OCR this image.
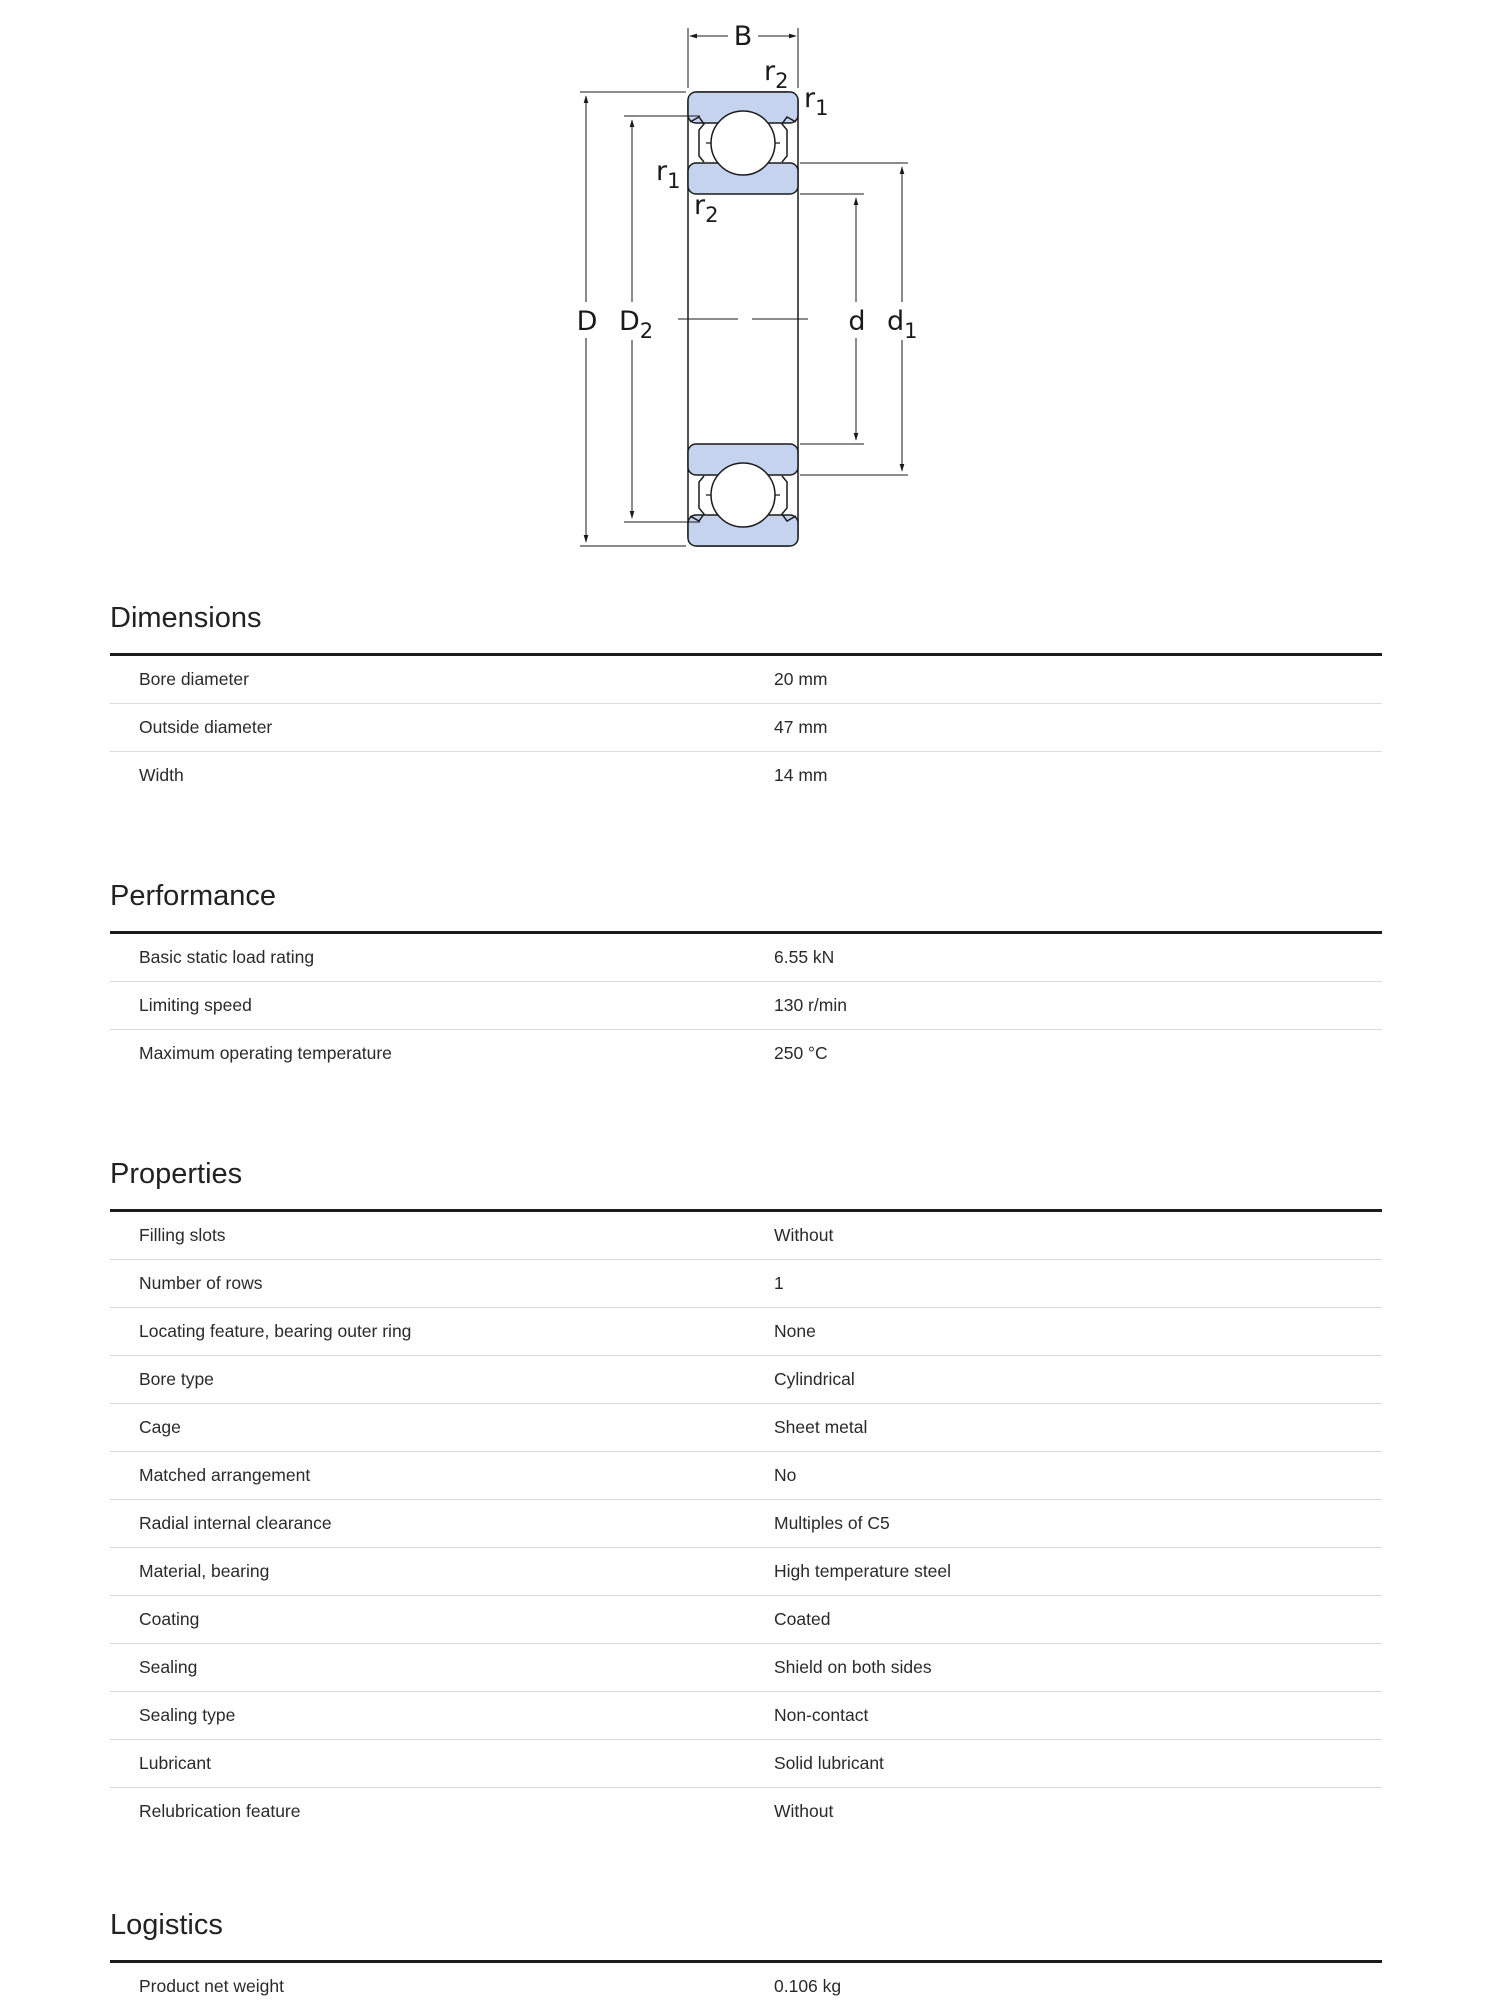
B
$r_2$
$r_1$
$r_1$
$r_2$
D $D_2$	d $d_1$
Dimensions
Bore diameter	20 mm
Outside diameter	47 mm
Width	14 mm
Performance
Basic static load rating	6.55 kN
Limiting speed	130 r/min
Maximum operating temperature	250 °C
Properties
Filling slots	Without
Number of rows	1
Locating feature, bearing outer ring	None
Bore type	Cylindrical
Cage	Sheet metal
Matched arrangement	No
Radial internal clearance	Multiples of C5
Material, bearing	High temperature steel
Coating	Coated
Sealing	Shield on both sides
Sealing type	Non-contact
Lubricant	Solid lubricant
Relubrication feature	Without
Logistics
Product net weight	0.106 kg
